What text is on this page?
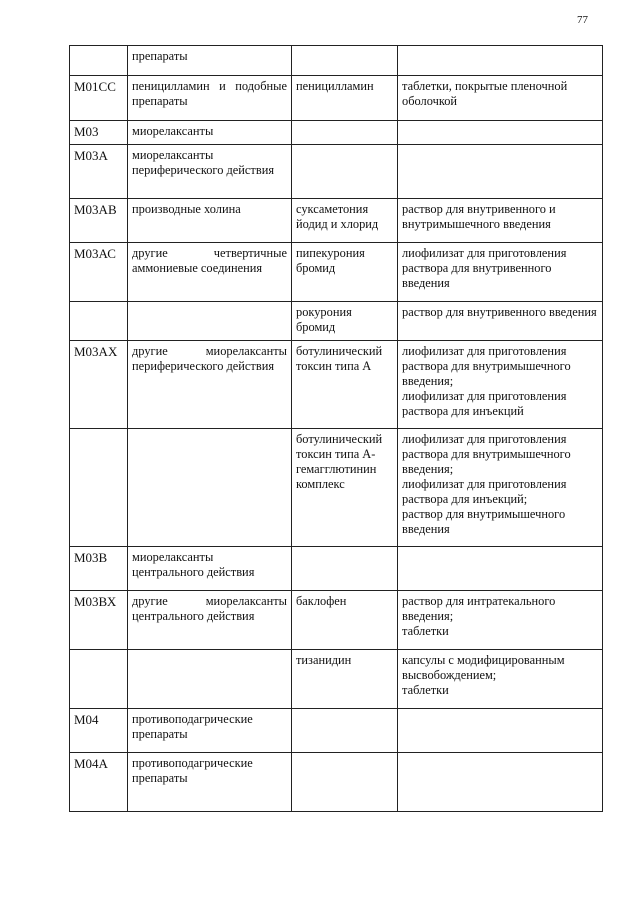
77
	препараты		
М01СС	пеницилламин и подобные препараты	пеницилламин	таблетки, покрытые пленочной оболочкой
М03	миорелаксанты		
М03А	миорелаксанты периферического действия		
М03АВ	производные холина	суксаметония йодид и хлорид	раствор для внутривенного и внутримышечного введения
М03АС	другие четвертичные аммониевые соединения	пипекурония бромид	лиофилизат для приготовления раствора для внутривенного введения
		рокурония бромид	раствор для внутривенного введения
М03АХ	другие миорелаксанты периферического действия	ботулинический токсин типа А	лиофилизат для приготовления раствора для внутримышечного введения;
лиофилизат для приготовления раствора для инъекций
		ботулинический токсин типа А-гемагглютинин комплекс	лиофилизат для приготовления раствора для внутримышечного введения;
лиофилизат для приготовления раствора для инъекций;
раствор для внутримышечного введения
М03В	миорелаксанты центрального действия		
М03ВХ	другие миорелаксанты центрального действия	баклофен	раствор для интратекального введения;
таблетки
		тизанидин	капсулы с модифицированным высвобождением;
таблетки
М04	противоподагрические препараты		
М04А	противоподагрические препараты		
